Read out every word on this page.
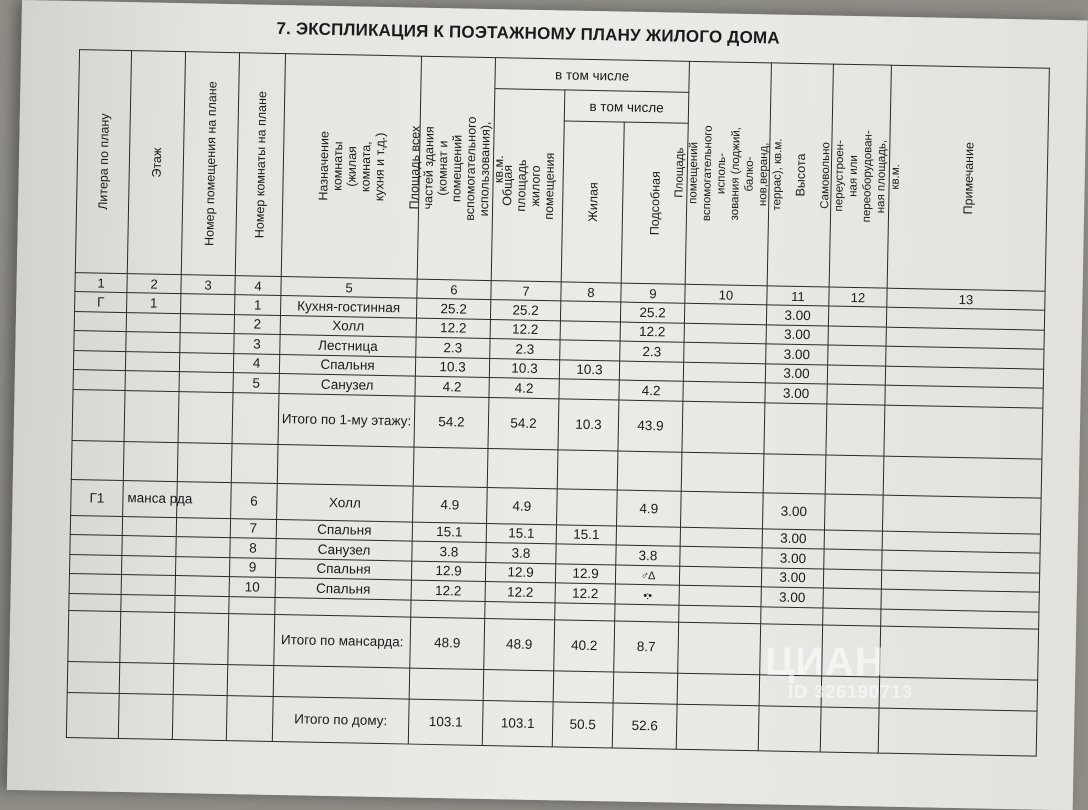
7. ЭКСПЛИКАЦИЯ К ПОЭТАЖНОМУ ПЛАНУ ЖИЛОГО ДОМА
Литера по плану	Этаж	Номер помещения на плане	Номер комнаты на плане	Назначение комнаты (жилая
комната,
кухня и т.д.)	Площадь всех частей здания
(комнат и помещений
вспомогательного
использования), кв.м.	в том числе			Площадь помещений
вспомогательного исполь-
зования (лоджий, балко-
нов,веранд, террас), кв.м.	Высота	Самовольно переустроен-
ная или переоборудован-
ная площадь, кв.м.	Примечание

						Общая площадь жилого
помещения	в том числе					

							Жилая	Подсобная				

1	2	3	4	5	6	7	8	9	10	11	12	13
Г	1		1	Кухня-гостинная	25.2	25.2		25.2		3.00		
			2	Холл	12.2	12.2		12.2		3.00		
			3	Лестница	2.3	2.3		2.3		3.00		
			4	Спальня	10.3	10.3	10.3			3.00		
			5	Санузел	4.2	4.2		4.2		3.00		
				Итого по 1-му этажу:	54.2	54.2	10.3	43.9				

Г1	манса рда		6	Холл	4.9	4.9		4.9		3.00		
			7	Спальня	15.1	15.1	15.1			3.00		
			8	Санузел	3.8	3.8		3.8		3.00		
			9	Спальня	12.9	12.9	12.9	♂Δ		3.00		
			10	Спальня	12.2	12.2	12.2	•:•		3.00		

				Итого по мансарда:	48.9	48.9	40.2	8.7				

				Итого по дому:	103.1	103.1	50.5	52.6				
ЦИАН
ID 326190713
